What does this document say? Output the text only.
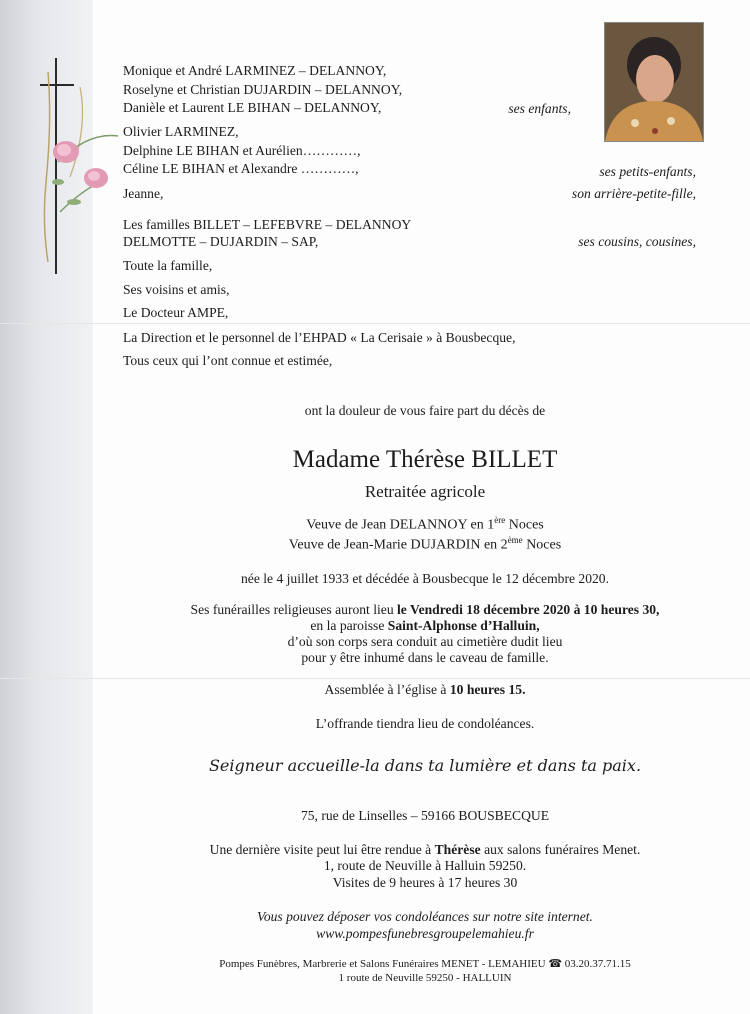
Monique et André LARMINEZ – DELANNOY,
Roselyne et Christian DUJARDIN – DELANNOY,
Danièle et Laurent LE BIHAN – DELANNOY,
Olivier LARMINEZ,
Delphine LE BIHAN et Aurélien…………,
Céline LE BIHAN et Alexandre …………,
Jeanne,
Les familles BILLET – LEFEBVRE – DELANNOY
DELMOTTE – DUJARDIN – SAP,
Toute la famille,
Ses voisins et amis,
Le Docteur AMPE,
La Direction et le personnel de l’EHPAD « La Cerisaie » à Bousbecque,
Tous ceux qui l’ont connue et estimée,
ses enfants,
ses petits-enfants,
son arrière-petite-fille,
ses cousins, cousines,
ont la douleur de vous faire part du décès de
Madame Thérèse BILLET
Retraitée agricole
Veuve de Jean DELANNOY en 1ère Noces
Veuve de Jean-Marie DUJARDIN en 2ème Noces
née le 4 juillet 1933 et décédée à Bousbecque le 12 décembre 2020.
Ses funérailles religieuses auront lieu le Vendredi 18 décembre 2020 à 10 heures 30,
en la paroisse Saint-Alphonse d’Halluin,
d’où son corps sera conduit au cimetière dudit lieu
pour y être inhumé dans le caveau de famille.
Assemblée à l’église à 10 heures 15.
L’offrande tiendra lieu de condoléances.
Seigneur accueille-la dans ta lumière et dans ta paix.
75, rue de Linselles – 59166 BOUSBECQUE
Une dernière visite peut lui être rendue à Thérèse aux salons funéraires Menet.
1, route de Neuville à Halluin 59250.
Visites de 9 heures à 17 heures 30
Vous pouvez déposer vos condoléances sur notre site internet.
www.pompesfunebresgroupelemahieu.fr
Pompes Funèbres, Marbrerie et Salons Funéraires MENET - LEMAHIEU ☎ 03.20.37.71.15
1 route de Neuville 59250 - HALLUIN
